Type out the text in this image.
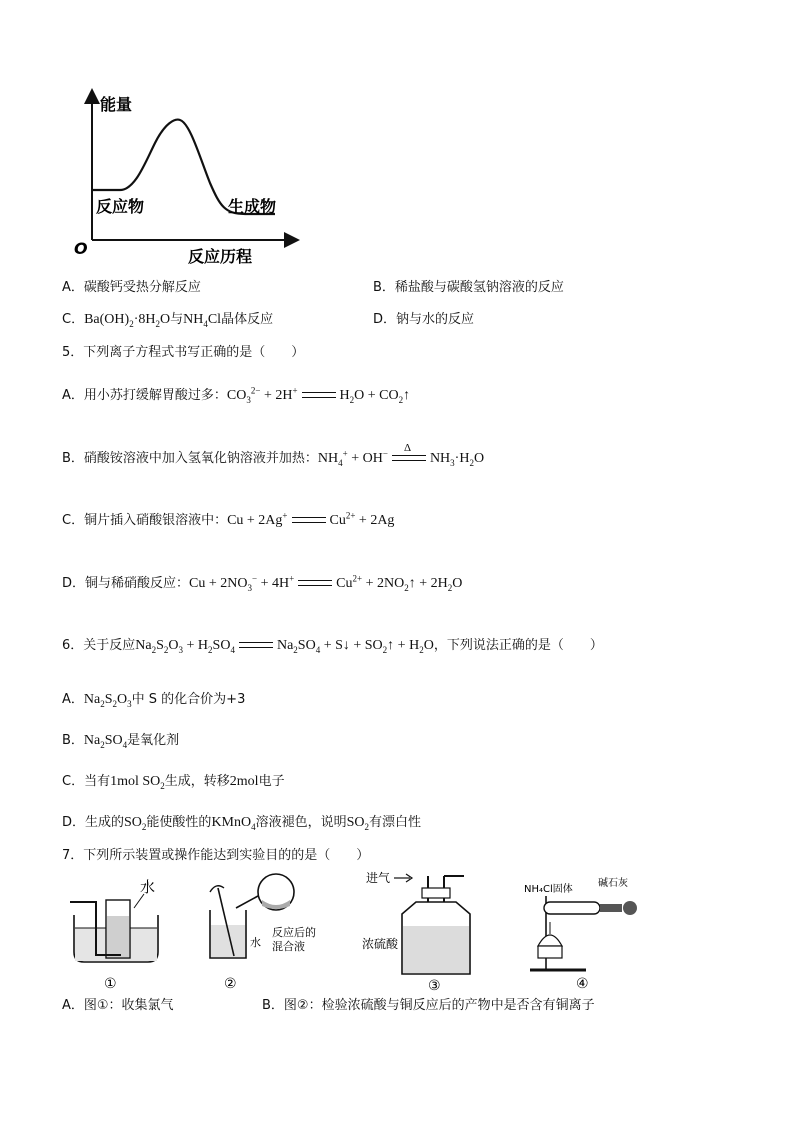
能量
反应物	生成物
O	反应历程
A．碳酸钙受热分解反应	B．稀盐酸与碳酸氢钠溶液的反应
C．$Ba(OH)_2\cdot 8H_2O$与$NH_4Cl$晶体反应	D．钠与水的反应
5．下列离子方程式书写正确的是（　　）
A．用小苏打缓解胃酸过多：$CO_3^{2-} + 2H^+$	$H_2O$ + $CO_2↑$
B．硝酸铵溶液中加入氢氧化钠溶液并加热：$NH_4^+ + OH^-$ Δ
$NH_3\cdot H_2O$
C．铜片插入硝酸银溶液中：Cu + 2Ag+	$Cu^{2+} + 2Ag$
D．铜与稀硝酸反应：$Cu + 2NO_3^- + 4H^+$	$Cu^{2+}$ + $2NO_2↑ + 2H_2O$
6．关于反应$Na_2S_2O_3 + H_2SO_4$	$Na_2SO_4$ + S↓ + $SO_2↑ + H_2O$，下列说法正确的是（　　）
A．$Na_2S_2O_3$中 S 的化合价为+3
B．$Na_2SO_4$是氧化剂
C．当有1mol $SO_2$生成，转移2mol电子
D．生成的$SO_2$能使酸性的KMnO$_4$溶液褪色，说明$SO_2$有漂白性
7．下列所示装置或操作能达到实验目的的是（　　）
水
①
水
反应后的
混合液
②
进气
浓硫酸
③
NH₄Cl固体
碱石灰
④
A．图①：收集氯气	B．图②：检验浓硫酸与铜反应后的产物中是否含有铜离子
